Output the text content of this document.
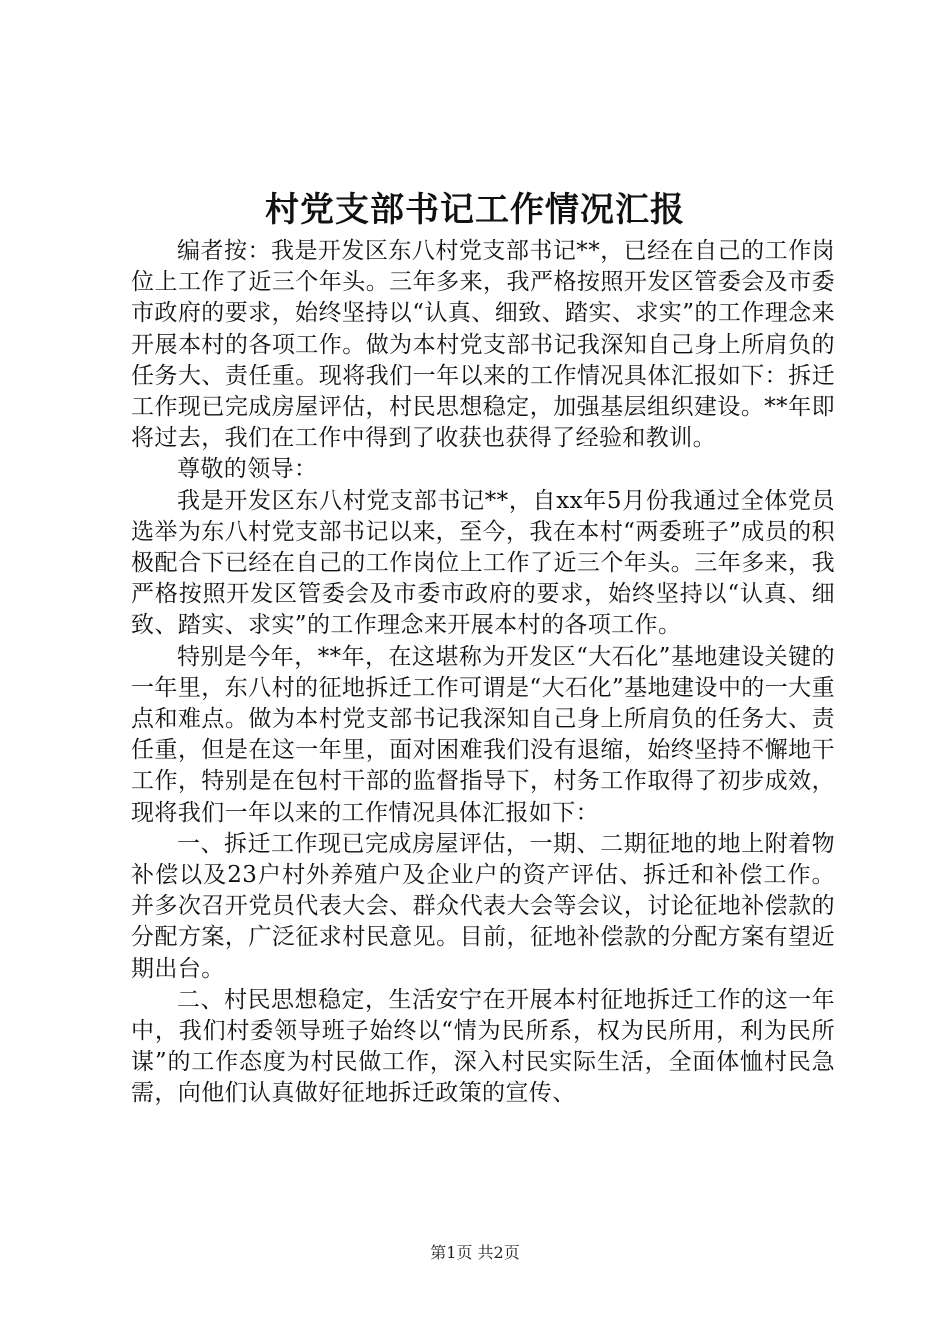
村党支部书记工作情况汇报

编者按：我是开发区东八村党支部书记**，已经在自己的工作岗位上工作了近三个年头。三年多来，我严格按照开发区管委会及市委市政府的要求，始终坚持以“认真、细致、踏实、求实”的工作理念来开展本村的各项工作。做为本村党支部书记我深知自己身上所肩负的任务大、责任重。现将我们一年以来的工作情况具体汇报如下：拆迁工作现已完成房屋评估，村民思想稳定，加强基层组织建设。**年即将过去，我们在工作中得到了收获也获得了经验和教训。

尊敬的领导：

我是开发区东八村党支部书记**，自xx年5月份我通过全体党员选举为东八村党支部书记以来，至今，我在本村“两委班子”成员的积极配合下已经在自己的工作岗位上工作了近三个年头。三年多来，我严格按照开发区管委会及市委市政府的要求，始终坚持以“认真、细致、踏实、求实”的工作理念来开展本村的各项工作。

特别是今年，**年，在这堪称为开发区“大石化”基地建设关键的一年里，东八村的征地拆迁工作可谓是“大石化”基地建设中的一大重点和难点。做为本村党支部书记我深知自己身上所肩负的任务大、责任重，但是在这一年里，面对困难我们没有退缩，始终坚持不懈地干工作，特别是在包村干部的监督指导下，村务工作取得了初步成效，现将我们一年以来的工作情况具体汇报如下：

一、拆迁工作现已完成房屋评估，一期、二期征地的地上附着物补偿以及23户村外养殖户及企业户的资产评估、拆迁和补偿工作。并多次召开党员代表大会、群众代表大会等会议，讨论征地补偿款的分配方案，广泛征求村民意见。目前，征地补偿款的分配方案有望近期出台。

二、村民思想稳定，生活安宁在开展本村征地拆迁工作的这一年中，我们村委领导班子始终以“情为民所系，权为民所用，利为民所谋”的工作态度为村民做工作，深入村民实际生活，全面体恤村民急需，向他们认真做好征地拆迁政策的宣传、

第1页 共2页
